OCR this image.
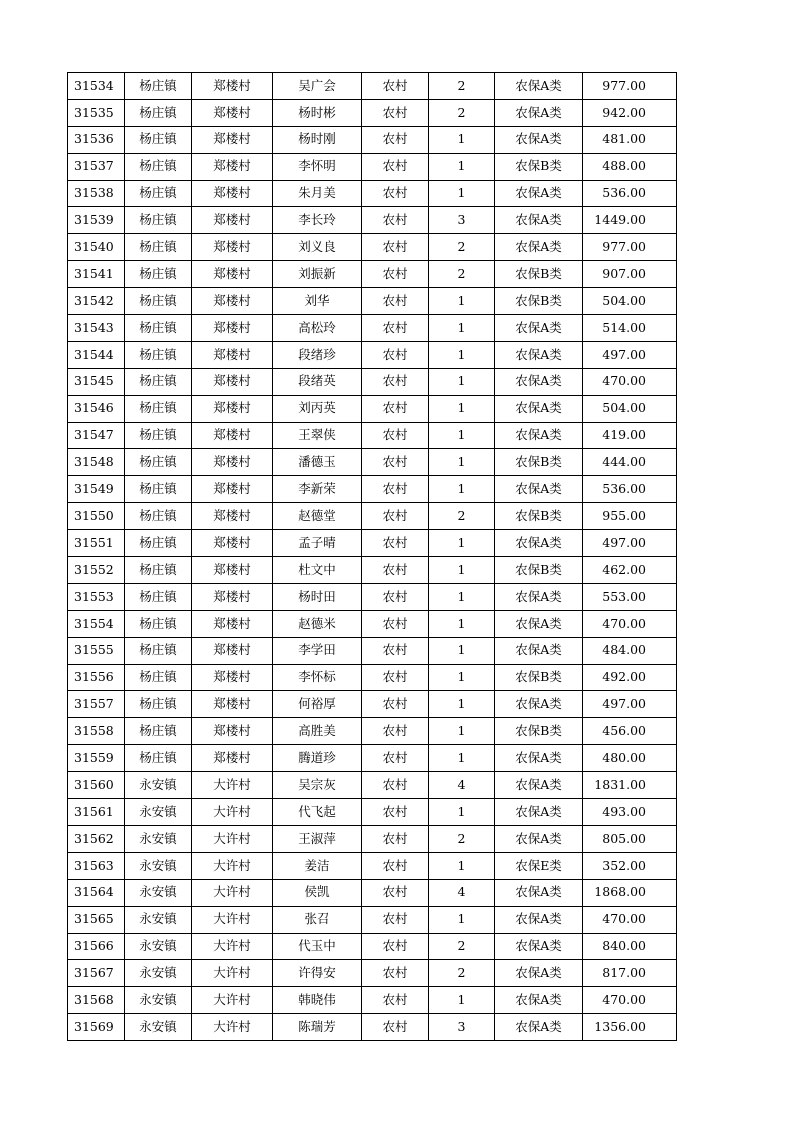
31534	杨庄镇	郑楼村	吴广会	农村	2	农保A类	977.00
31535	杨庄镇	郑楼村	杨时彬	农村	2	农保A类	942.00
31536	杨庄镇	郑楼村	杨时刚	农村	1	农保A类	481.00
31537	杨庄镇	郑楼村	李怀明	农村	1	农保B类	488.00
31538	杨庄镇	郑楼村	朱月美	农村	1	农保A类	536.00
31539	杨庄镇	郑楼村	李长玲	农村	3	农保A类	1449.00
31540	杨庄镇	郑楼村	刘义良	农村	2	农保A类	977.00
31541	杨庄镇	郑楼村	刘振新	农村	2	农保B类	907.00
31542	杨庄镇	郑楼村	刘华	农村	1	农保B类	504.00
31543	杨庄镇	郑楼村	高松玲	农村	1	农保A类	514.00
31544	杨庄镇	郑楼村	段绪珍	农村	1	农保A类	497.00
31545	杨庄镇	郑楼村	段绪英	农村	1	农保A类	470.00
31546	杨庄镇	郑楼村	刘丙英	农村	1	农保A类	504.00
31547	杨庄镇	郑楼村	王翠侠	农村	1	农保A类	419.00
31548	杨庄镇	郑楼村	潘德玉	农村	1	农保B类	444.00
31549	杨庄镇	郑楼村	李新荣	农村	1	农保A类	536.00
31550	杨庄镇	郑楼村	赵德堂	农村	2	农保B类	955.00
31551	杨庄镇	郑楼村	孟子晴	农村	1	农保A类	497.00
31552	杨庄镇	郑楼村	杜文中	农村	1	农保B类	462.00
31553	杨庄镇	郑楼村	杨时田	农村	1	农保A类	553.00
31554	杨庄镇	郑楼村	赵德米	农村	1	农保A类	470.00
31555	杨庄镇	郑楼村	李学田	农村	1	农保A类	484.00
31556	杨庄镇	郑楼村	李怀标	农村	1	农保B类	492.00
31557	杨庄镇	郑楼村	何裕厚	农村	1	农保A类	497.00
31558	杨庄镇	郑楼村	高胜美	农村	1	农保B类	456.00
31559	杨庄镇	郑楼村	腾道珍	农村	1	农保A类	480.00
31560	永安镇	大许村	吴宗灰	农村	4	农保A类	1831.00
31561	永安镇	大许村	代飞起	农村	1	农保A类	493.00
31562	永安镇	大许村	王淑萍	农村	2	农保A类	805.00
31563	永安镇	大许村	姜洁	农村	1	农保E类	352.00
31564	永安镇	大许村	侯凯	农村	4	农保A类	1868.00
31565	永安镇	大许村	张召	农村	1	农保A类	470.00
31566	永安镇	大许村	代玉中	农村	2	农保A类	840.00
31567	永安镇	大许村	许得安	农村	2	农保A类	817.00
31568	永安镇	大许村	韩晓伟	农村	1	农保A类	470.00
31569	永安镇	大许村	陈瑞芳	农村	3	农保A类	1356.00
